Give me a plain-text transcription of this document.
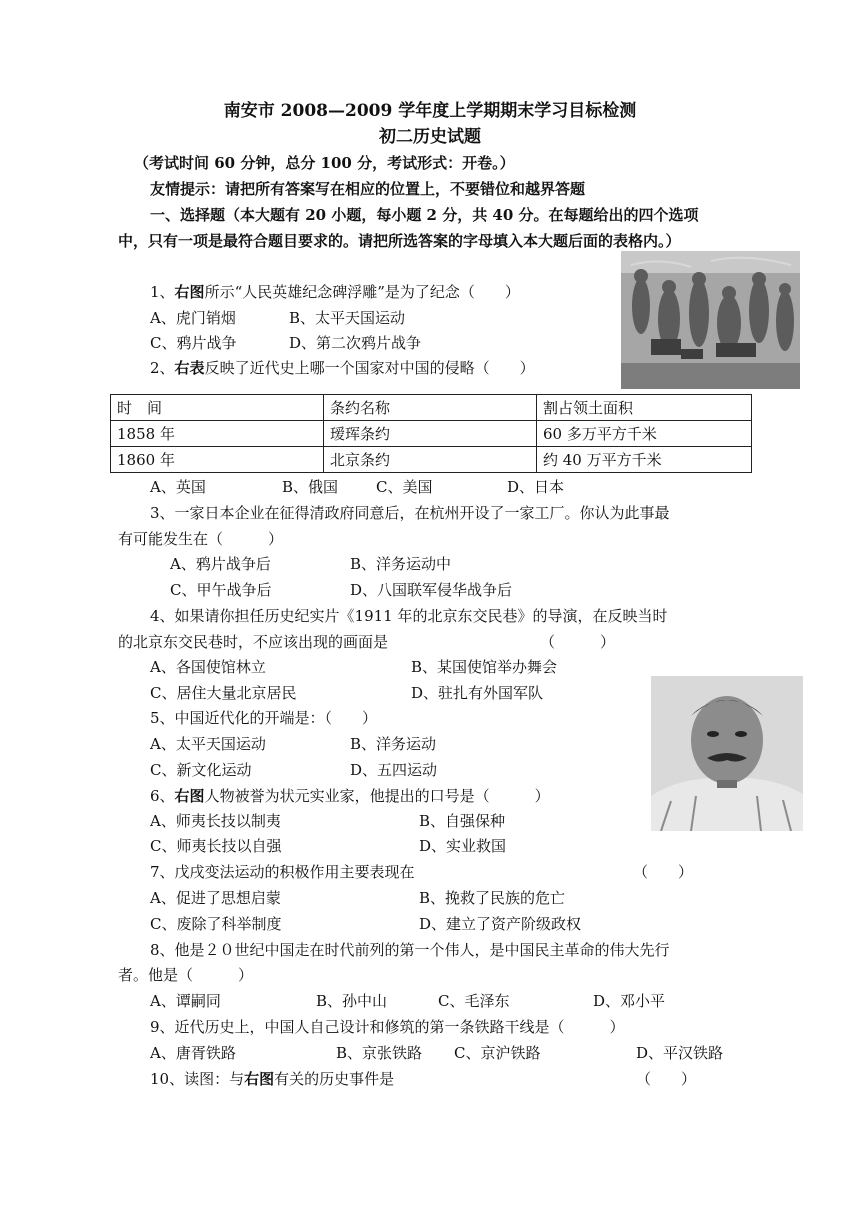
南安市 2008—2009 学年度上学期期末学习目标检测
初二历史试题
（考试时间 60 分钟，总分 100 分，考试形式：开卷。）
友情提示：请把所有答案写在相应的位置上，不要错位和越界答题
一、选择题（本大题有 20 小题，每小题 2 分，共 40 分。在每题给出的四个选项
中，只有一项是最符合题目要求的。请把所选答案的字母填入本大题后面的表格内。）
1、右图所示“人民英雄纪念碑浮雕”是为了纪念（　　）
A、虎门销烟	B、太平天国运动
C、鸦片战争	D、第二次鸦片战争
2、右表反映了近代史上哪一个国家对中国的侵略（　　）
时　间	条约名称	割占领土面积
1858 年	瑷珲条约	60 多万平方千米
1860 年	北京条约	约 40 万平方千米
A、英国	B、俄国	C、美国	D、日本
3、一家日本企业在征得清政府同意后，在杭州开设了一家工厂。你认为此事最
有可能发生在（　　　）
A、鸦片战争后	B、洋务运动中
C、甲午战争后	D、八国联军侵华战争后
4、如果请你担任历史纪实片《1911 年的北京东交民巷》的导演，在反映当时
的北京东交民巷时，不应该出现的画面是	（　　　）
A、各国使馆林立	B、某国使馆举办舞会
C、居住大量北京居民	D、驻扎有外国军队
5、中国近代化的开端是：（　　）
A、太平天国运动	B、洋务运动
C、新文化运动	D、五四运动
6、右图人物被誉为状元实业家，他提出的口号是（　　　）
A、师夷长技以制夷	B、自强保种
C、师夷长技以自强	D、实业救国
7、戊戌变法运动的积极作用主要表现在	（　　）
A、促进了思想启蒙	B、挽救了民族的危亡
C、废除了科举制度	D、建立了资产阶级政权
8、他是２０世纪中国走在时代前列的第一个伟人，是中国民主革命的伟大先行
者。他是（　　　）
A、谭嗣同	B、孙中山	C、毛泽东	D、邓小平
9、近代历史上，中国人自己设计和修筑的第一条铁路干线是（　　　）
A、唐胥铁路	B、京张铁路 C、京沪铁路	D、平汉铁路
10、读图：与右图有关的历史事件是	（　　）
